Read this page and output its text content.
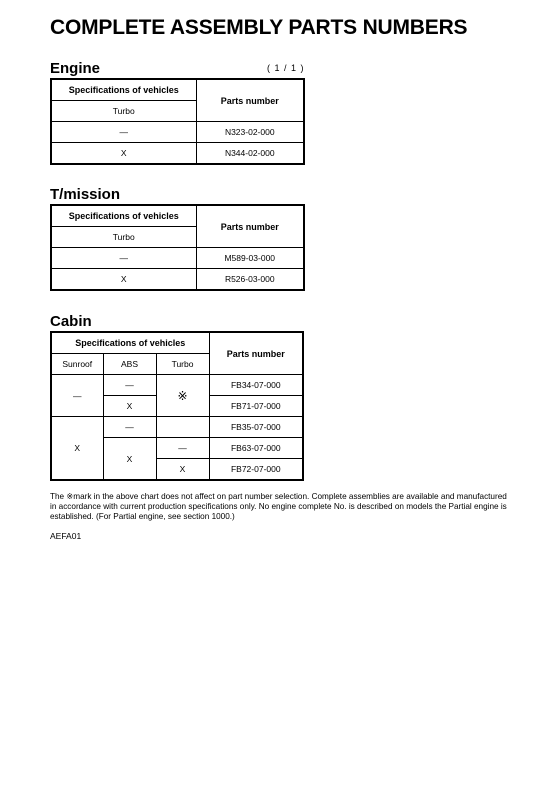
COMPLETE ASSEMBLY PARTS NUMBERS
Engine	( 1 / 1 )
Specifications of vehicles	Parts number
Turbo	
—	N323-02-000
X	N344-02-000
T/mission
Specifications of vehicles	Parts number
Turbo	
—	M589-03-000
X	R526-03-000
Cabin
Specifications of vehicles			Parts number
Sunroof	ABS	Turbo	
—	—	※	FB34-07-000
	X		FB71-07-000
X	—		FB35-07-000
	X	—	FB63-07-000
		X	FB72-07-000

The ※mark in the above chart does not affect on part number selection. Complete assemblies are available and manufactured in accordance with current production specifications only. No engine complete No. is described on models the Partial engine is established. (For Partial engine, see section 1000.)

AEFA01
